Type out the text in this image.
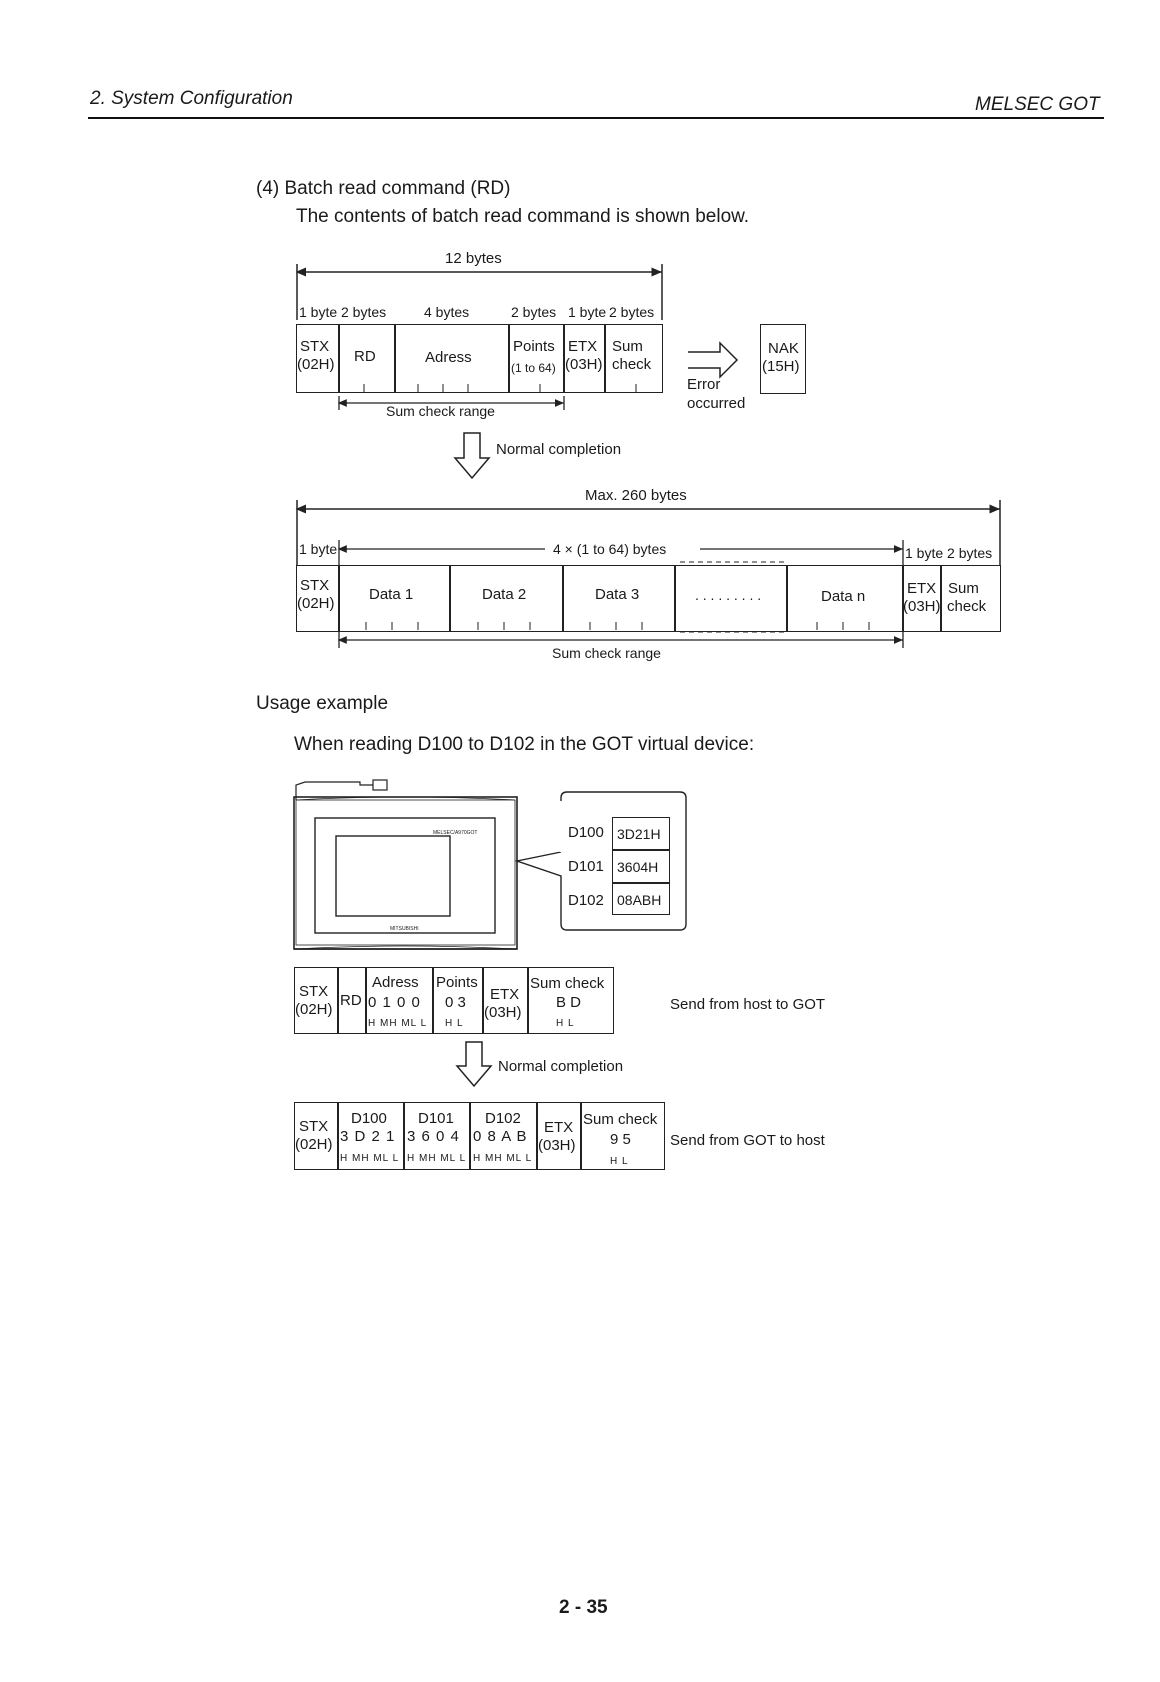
2. System Configuration	MELSEC GOT
(4) Batch read command (RD)
The contents of batch read command is shown below.
12 bytes
1 byte 2 bytes	4 bytes	2 bytes 1 byte 2 bytes
STX
(02H) RD	Adress
Points
(1 to 64)
ETX
(03H)
Sum
check
Sum check range
Error
occurred
NAK
(15H)
Normal completion
Max. 260 bytes
1 byte	4 × (1 to 64) bytes	1 byte 2 bytes
STX
(02H)
Data 1	Data 2	Data 3	. . . . . . . . .	Data n	ETX
(03H)
Sum
check
Sum check range
Usage example
When reading D100 to D102 in the GOT virtual device:
MELSEC/A970GOT
MITSUBISHI
D100
D101
D102
3D21H
3604H
08ABH
STX
(02H)
RD
Adress
0 1 0 0
H MH ML L
Points
0 3
H L
ETX
(03H)
Sum check
B D
H L
Send from host to GOT
Normal completion
STX
(02H)
D100
3 D 2 1
H MH ML L
D101
3 6 0 4
H MH ML L
D102
0 8 A B
H MH ML L
ETX
(03H)
Sum check
9 5
H L
Send from GOT to host
2 - 35
